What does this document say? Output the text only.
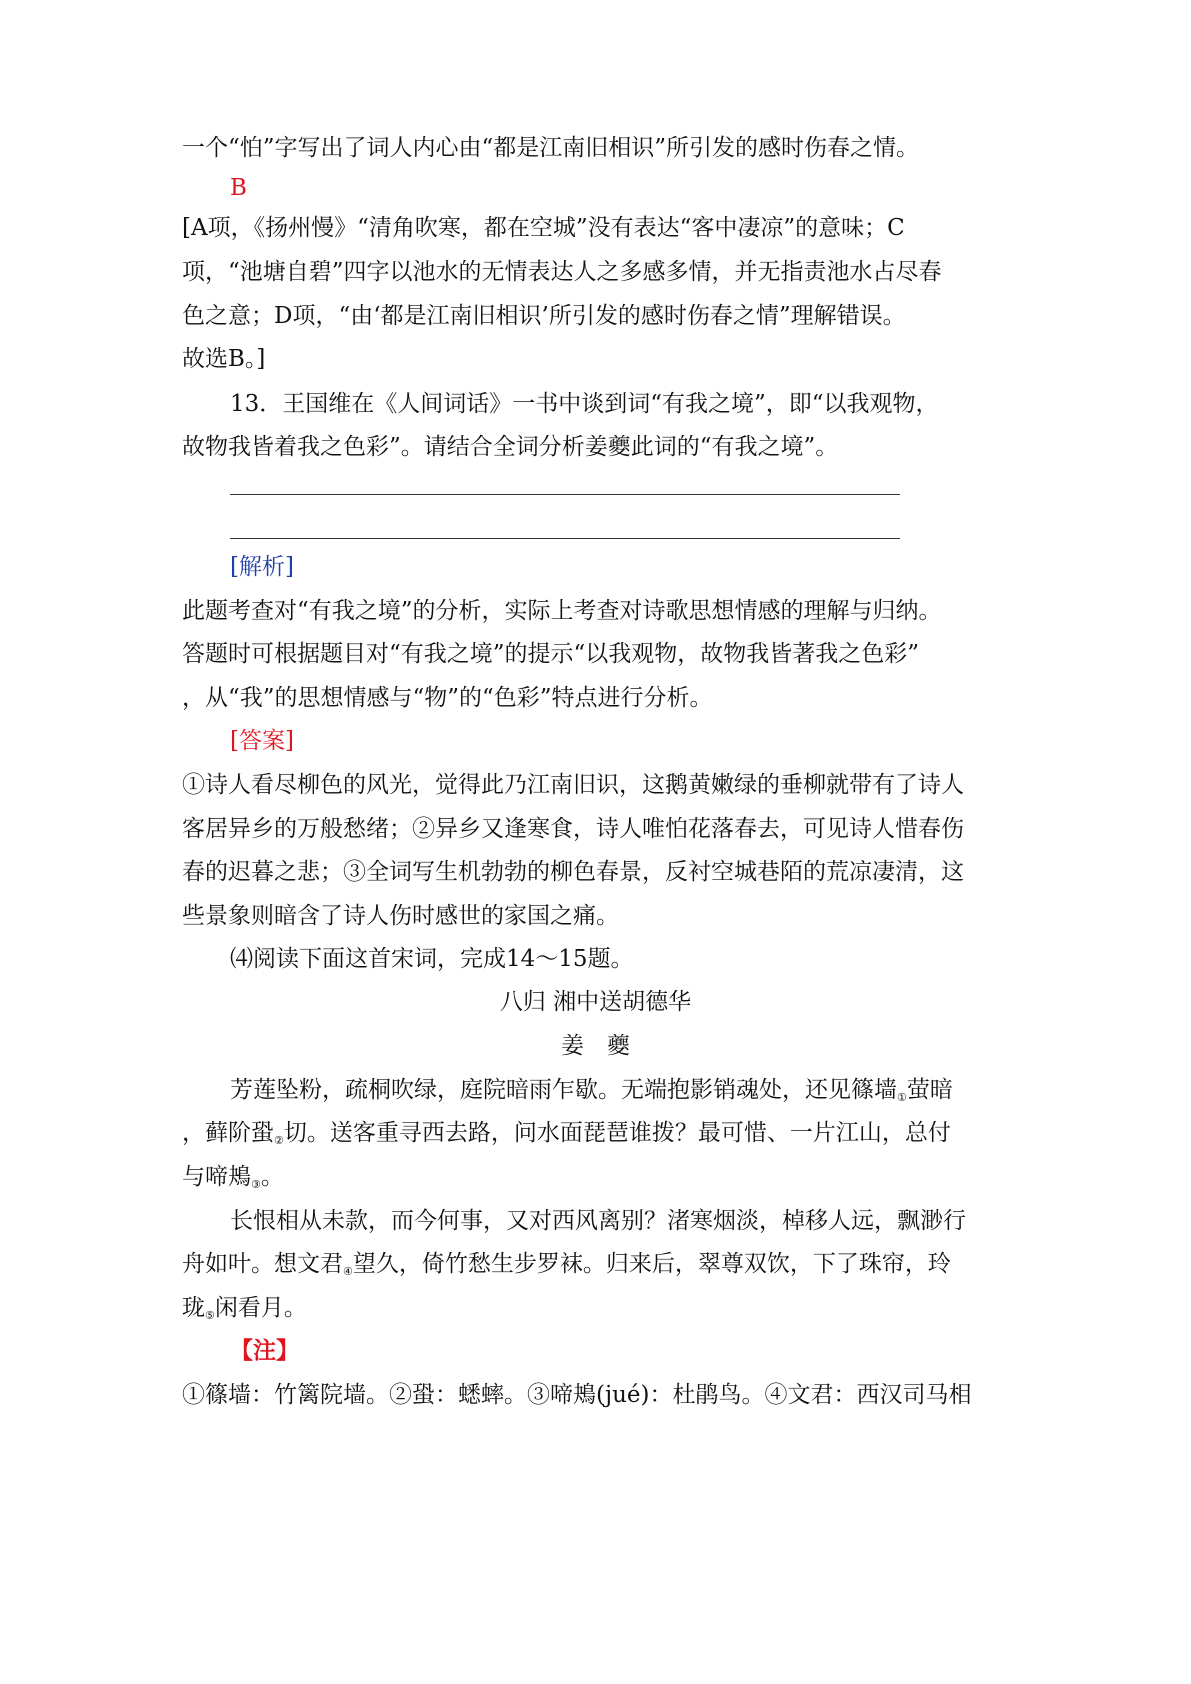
一个“怕”字写出了词人内心由“都是江南旧相识”所引发的感时伤春之情。

B

[A项，《扬州慢》“清角吹寒，都在空城”没有表达“客中凄凉”的意味；C

项，“池塘自碧”四字以池水的无情表达人之多感多情，并无指责池水占尽春

色之意；D项，“由‘都是江南旧相识’所引发的感时伤春之情”理解错误。

故选B。]

13．王国维在《人间词话》一书中谈到词“有我之境”，即“以我观物，

故物我皆着我之色彩”。请结合全词分析姜夔此词的“有我之境”。

[解析]

此题考查对“有我之境”的分析，实际上考查对诗歌思想情感的理解与归纳。

答题时可根据题目对“有我之境”的提示“以我观物，故物我皆著我之色彩”

，从“我”的思想情感与“物”的“色彩”特点进行分析。

[答案]

①诗人看尽柳色的风光，觉得此乃江南旧识，这鹅黄嫩绿的垂柳就带有了诗人

客居异乡的万般愁绪；②异乡又逢寒食，诗人唯怕花落春去，可见诗人惜春伤

春的迟暮之悲；③全词写生机勃勃的柳色春景，反衬空城巷陌的荒凉凄清，这

些景象则暗含了诗人伤时感世的家国之痛。

⑷阅读下面这首宋词，完成14～15题。

八归 湘中送胡德华

姜　夔

芳莲坠粉，疏桐吹绿，庭院暗雨乍歇。无端抱影销魂处，还见篠墙$_①$萤暗

，藓阶蛩$_②$切。送客重寻西去路，问水面琵琶谁拨？最可惜、一片江山，总付

与啼鴂$_③$。

长恨相从未款，而今何事，又对西风离别？渚寒烟淡，棹移人远，飘渺行

舟如叶。想文君$_④$望久，倚竹愁生步罗袜。归来后，翠尊双饮，下了珠帘，玲

珑$_⑤$闲看月。

【注】

①篠墙：竹篱院墙。②蛩：蟋蟀。③啼鴂(jué)：杜鹃鸟。④文君：西汉司马相
